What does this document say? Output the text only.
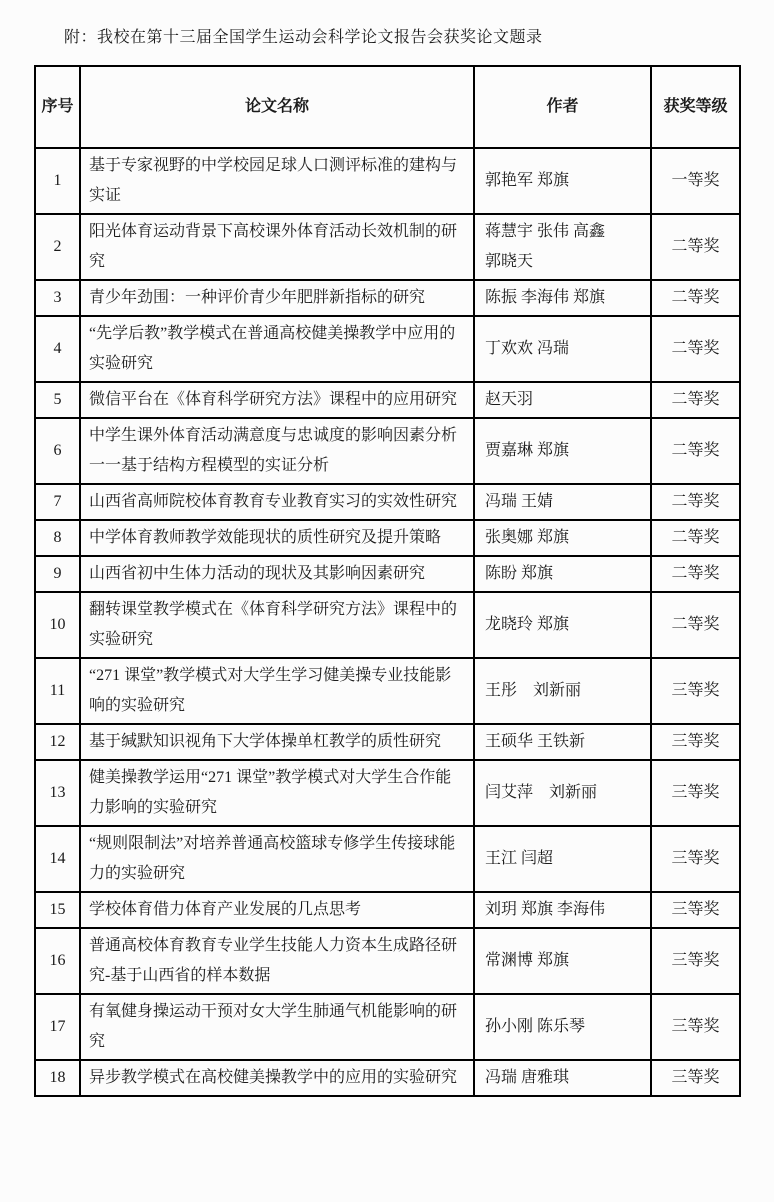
附：我校在第十三届全国学生运动会科学论文报告会获奖论文题录
序号	论文名称	作者	获奖等级
1	基于专家视野的中学校园足球人口测评标准的建构与实证	郭艳军 郑旗	一等奖
2	阳光体育运动背景下高校课外体育活动长效机制的研究	蒋慧宇 张伟 高鑫 郭晓天	二等奖
3	青少年劲围：一种评价青少年肥胖新指标的研究	陈振 李海伟 郑旗	二等奖
4	“先学后教”教学模式在普通高校健美操教学中应用的实验研究	丁欢欢 冯瑞	二等奖
5	微信平台在《体育科学研究方法》课程中的应用研究	赵天羽	二等奖
6	中学生课外体育活动满意度与忠诚度的影响因素分析一一基于结构方程模型的实证分析	贾嘉琳 郑旗	二等奖
7	山西省高师院校体育教育专业教育实习的实效性研究	冯瑞 王婧	二等奖
8	中学体育教师教学效能现状的质性研究及提升策略	张奥娜 郑旗	二等奖
9	山西省初中生体力活动的现状及其影响因素研究	陈盼 郑旗	二等奖
10	翻转课堂教学模式在《体育科学研究方法》课程中的实验研究	龙晓玲 郑旗	二等奖
11	“271 课堂”教学模式对大学生学习健美操专业技能影响的实验研究	王彤　刘新丽	三等奖
12	基于缄默知识视角下大学体操单杠教学的质性研究	王硕华 王铁新	三等奖
13	健美操教学运用“271 课堂”教学模式对大学生合作能力影响的实验研究	闫艾萍　刘新丽	三等奖
14	“规则限制法”对培养普通高校篮球专修学生传接球能力的实验研究	王江 闫超	三等奖
15	学校体育借力体育产业发展的几点思考	刘玥 郑旗 李海伟	三等奖
16	普通高校体育教育专业学生技能人力资本生成路径研究-基于山西省的样本数据	常渊博 郑旗	三等奖
17	有氧健身操运动干预对女大学生肺通气机能影响的研究	孙小刚 陈乐琴	三等奖
18	异步教学模式在高校健美操教学中的应用的实验研究	冯瑞 唐雅琪	三等奖
